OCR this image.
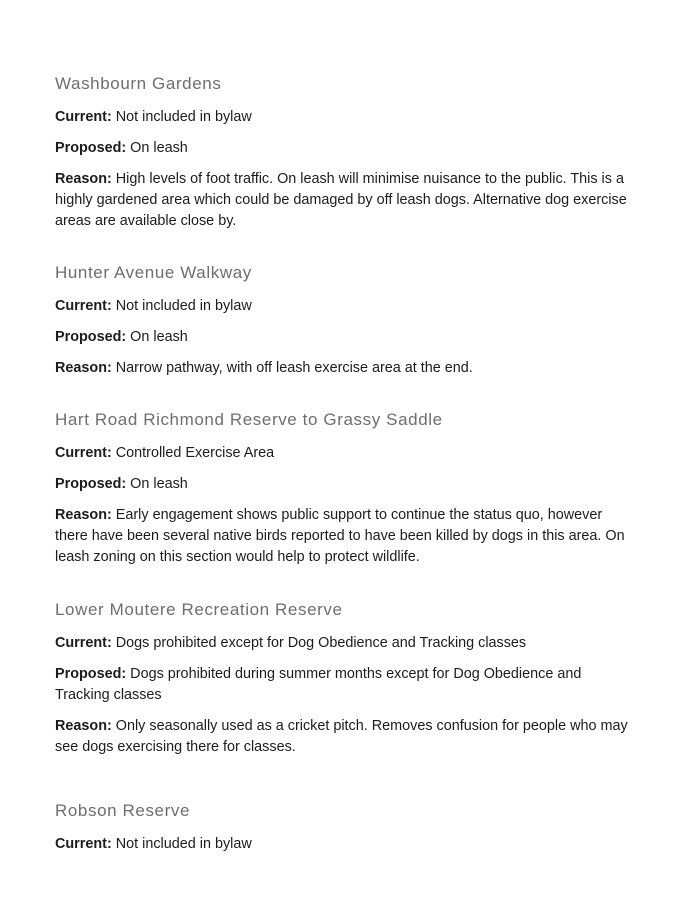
Washbourn Gardens

Current: Not included in bylaw

Proposed: On leash

Reason: High levels of foot traffic. On leash will minimise nuisance to the public. This is a highly gardened area which could be damaged by off leash dogs. Alternative dog exercise areas are available close by.

Hunter Avenue Walkway

Current: Not included in bylaw

Proposed: On leash

Reason: Narrow pathway, with off leash exercise area at the end.

Hart Road Richmond Reserve to Grassy Saddle

Current: Controlled Exercise Area

Proposed: On leash

Reason: Early engagement shows public support to continue the status quo, however there have been several native birds reported to have been killed by dogs in this area. On leash zoning on this section would help to protect wildlife.

Lower Moutere Recreation Reserve

Current: Dogs prohibited except for Dog Obedience and Tracking classes

Proposed: Dogs prohibited during summer months except for Dog Obedience and Tracking classes

Reason: Only seasonally used as a cricket pitch. Removes confusion for people who may see dogs exercising there for classes.

Robson Reserve

Current: Not included in bylaw
